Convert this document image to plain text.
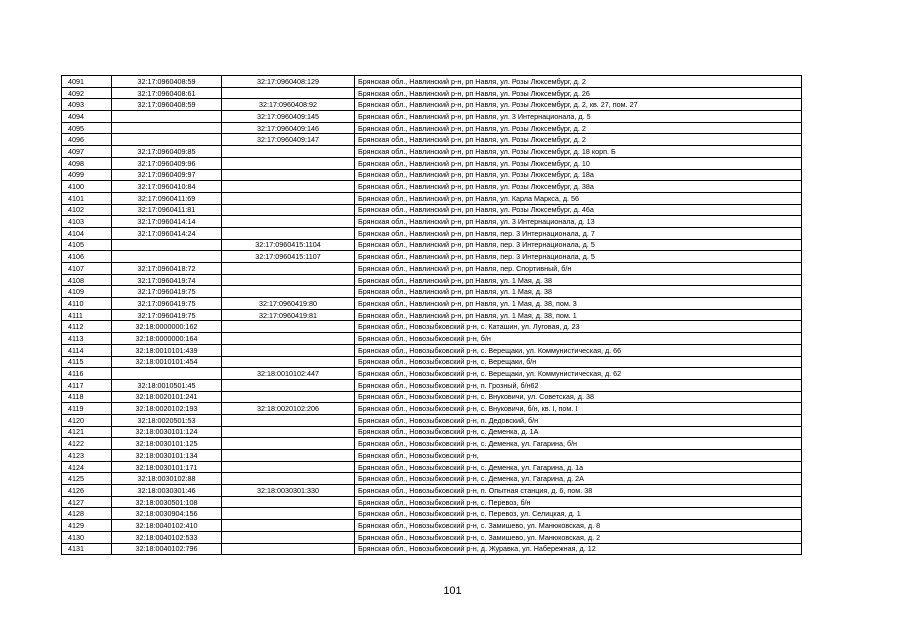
4091	32:17:0960408:59	32:17:0960408:129	Брянская обл., Навлинский р-н, рп Навля, ул. Розы Люксембург, д. 2
4092	32:17:0960408:61		Брянская обл., Навлинский р-н, рп Навля, ул. Розы Люксембург, д. 26
4093	32:17:0960408:59	32:17:0960408:92	Брянская обл., Навлинский р-н, рп Навля, ул. Розы Люксембург, д. 2, кв. 27, пом. 27
4094		32:17:0960409:145	Брянская обл., Навлинский р-н, рп Навля, ул. 3 Интернационала, д. 5
4095		32:17:0960409:146	Брянская обл., Навлинский р-н, рп Навля, ул. Розы Люксембург, д. 2
4096		32:17:0960409:147	Брянская обл., Навлинский р-н, рп Навля, ул. Розы Люксембург, д. 2
4097	32:17:0960409:85		Брянская обл., Навлинский р-н, рп Навля, ул. Розы Люксембург, д. 18 корп. Б
4098	32:17:0960409:96		Брянская обл., Навлинский р-н, рп Навля, ул. Розы Люксембург, д. 10
4099	32:17:0960409:97		Брянская обл., Навлинский р-н, рп Навля, ул. Розы Люксембург, д. 18а
4100	32:17:0960410:84		Брянская обл., Навлинский р-н, рп Навля, ул. Розы Люксембург, д. 38а
4101	32:17:0960411:69		Брянская обл., Навлинский р-н, рп Навля, ул. Карла Маркса, д. 56
4102	32:17:0960411:81		Брянская обл., Навлинский р-н, рп Навля, ул. Розы Люксембург, д. 46а
4103	32:17:0960414:14		Брянская обл., Навлинский р-н, рп Навля, ул. 3 Интернационала, д. 13
4104	32:17:0960414:24		Брянская обл., Навлинский р-н, рп Навля, пер. 3 Интернационала, д. 7
4105		32:17:0960415:1104	Брянская обл., Навлинский р-н, рп Навля, пер. 3 Интернационала, д. 5
4106		32:17:0960415:1107	Брянская обл., Навлинский р-н, рп Навля, пер. 3 Интернационала, д. 5
4107	32:17:0960418:72		Брянская обл., Навлинский р-н, рп Навля, пер. Спортивный, б/н
4108	32:17:0960419:74		Брянская обл., Навлинский р-н, рп Навля, ул. 1 Мая, д. 38
4109	32:17:0960419:75		Брянская обл., Навлинский р-н, рп Навля, ул. 1 Мая, д. 38
4110	32:17:0960419:75	32:17:0960419:80	Брянская обл., Навлинский р-н, рп Навля, ул. 1 Мая, д. 38, пом. 3
4111	32:17:0960419:75	32:17:0960419:81	Брянская обл., Навлинский р-н, рп Навля, ул. 1 Мая, д. 38, пом. 1
4112	32:18:0000000:162		Брянская обл., Новозыбковский р-н, с. Каташин, ул. Луговая, д. 23
4113	32:18:0000000:164		Брянская обл., Новозыбковский р-н, б/н
4114	32:18:0010101:439		Брянская обл., Новозыбковский р-н, с. Верещаки, ул. Коммунистическая, д. 66
4115	32:18:0010101:454		Брянская обл., Новозыбковский р-н, с. Верещаки, б/н
4116		32:18:0010102:447	Брянская обл., Новозыбковский р-н, с. Верещаки, ул. Коммунистическая, д. 62
4117	32:18:0010501:45		Брянская обл., Новозыбковский р-н, п. Грозный, б/н62
4118	32:18:0020101:241		Брянская обл., Новозыбковский р-н, с. Внуковичи, ул. Советская, д. 38
4119	32:18:0020102:193	32:18:0020102:206	Брянская обл., Новозыбковский р-н, с. Внуковичи, б/н, кв. I, пом. I
4120	32:18:0020501:53		Брянская обл., Новозыбковский р-н, п. Дедовский, б/н
4121	32:18:0030101:124		Брянская обл., Новозыбковский р-н, с. Деменка, д. 1А
4122	32:18:0030101:125		Брянская обл., Новозыбковский р-н, с. Деменка, ул. Гагарина, б/н
4123	32:18:0030101:134		Брянская обл., Новозыбковский р-н,
4124	32:18:0030101:171		Брянская обл., Новозыбковский р-н, с. Деменка, ул. Гагарина, д. 1а
4125	32:18:0030102:88		Брянская обл., Новозыбковский р-н, с. Деменка, ул. Гагарина, д. 2А
4126	32:18:0030301:46	32:18:0030301:330	Брянская обл., Новозыбковский р-н, п. Опытная станция, д. 6, пом. 38
4127	32:18:0030501:108		Брянская обл., Новозыбковский р-н, с. Перевоз, б/н
4128	32:18:0030904:156		Брянская обл., Новозыбковский р-н, с. Перевоз, ул. Селицкая, д. 1
4129	32:18:0040102:410		Брянская обл., Новозыбковский р-н, с. Замишево, ул. Манюковская, д. 8
4130	32:18:0040102:533		Брянская обл., Новозыбковский р-н, с. Замишево, ул. Манюковская, д. 2
4131	32:18:0040102:796		Брянская обл., Новозыбковский р-н, д. Журавка, ул. Набережная, д. 12
101
